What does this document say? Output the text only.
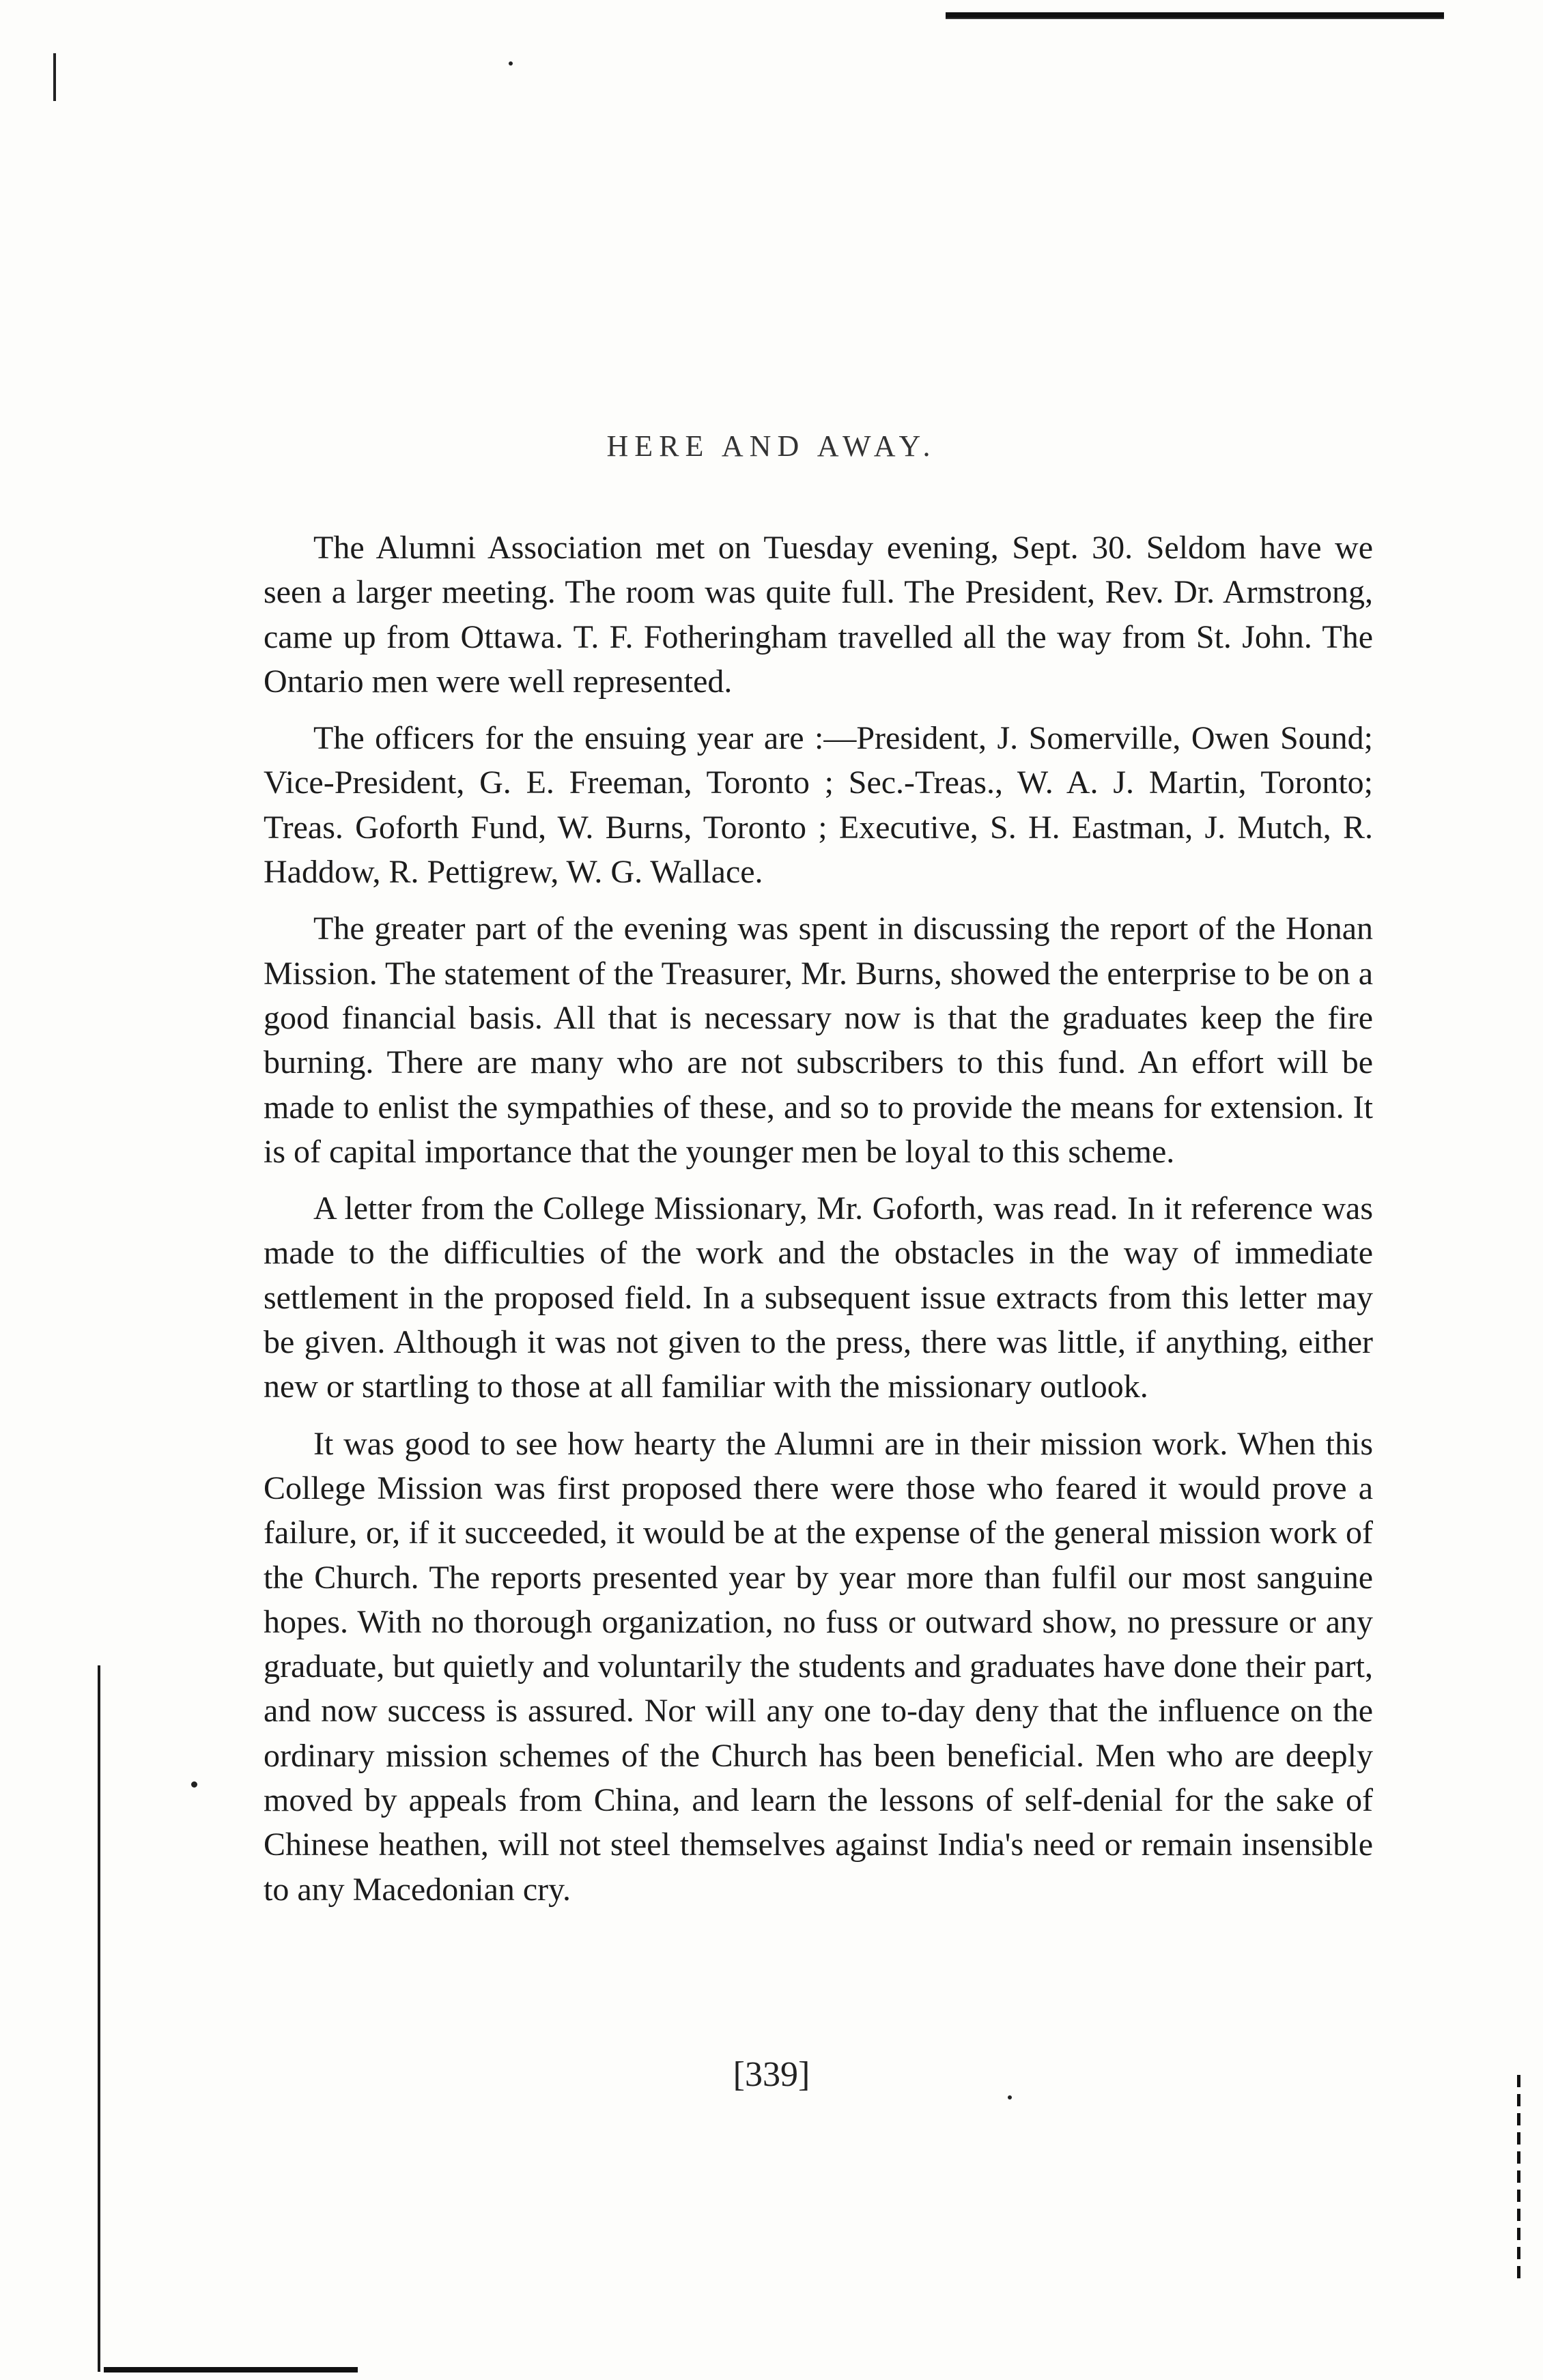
HERE AND AWAY.

The Alumni Association met on Tuesday evening, Sept. 30. Seldom have we seen a larger meeting. The room was quite full. The President, Rev. Dr. Armstrong, came up from Ottawa. T. F. Fotheringham travelled all the way from St. John. The Ontario men were well represented.

The officers for the ensuing year are :—President, J. Somerville, Owen Sound; Vice-President, G. E. Freeman, Toronto ; Sec.-Treas., W. A. J. Martin, Toronto; Treas. Goforth Fund, W. Burns, Toronto ; Executive, S. H. Eastman, J. Mutch, R. Haddow, R. Pettigrew, W. G. Wallace.

The greater part of the evening was spent in discussing the report of the Honan Mission. The statement of the Treasurer, Mr. Burns, showed the enterprise to be on a good financial basis. All that is necessary now is that the graduates keep the fire burning. There are many who are not subscribers to this fund. An effort will be made to enlist the sympathies of these, and so to provide the means for extension. It is of capital importance that the younger men be loyal to this scheme.

A letter from the College Missionary, Mr. Goforth, was read. In it reference was made to the difficulties of the work and the obstacles in the way of immediate settlement in the proposed field. In a subsequent issue extracts from this letter may be given. Although it was not given to the press, there was little, if anything, either new or startling to those at all familiar with the missionary outlook.

It was good to see how hearty the Alumni are in their mission work. When this College Mission was first proposed there were those who feared it would prove a failure, or, if it succeeded, it would be at the expense of the general mission work of the Church. The reports presented year by year more than fulfil our most sanguine hopes. With no thorough organization, no fuss or outward show, no pressure or any graduate, but quietly and voluntarily the students and graduates have done their part, and now success is assured. Nor will any one to-day deny that the influence on the ordinary mission schemes of the Church has been beneficial. Men who are deeply moved by appeals from China, and learn the lessons of self-denial for the sake of Chinese heathen, will not steel themselves against India's need or remain insensible to any Macedonian cry.

[339]
